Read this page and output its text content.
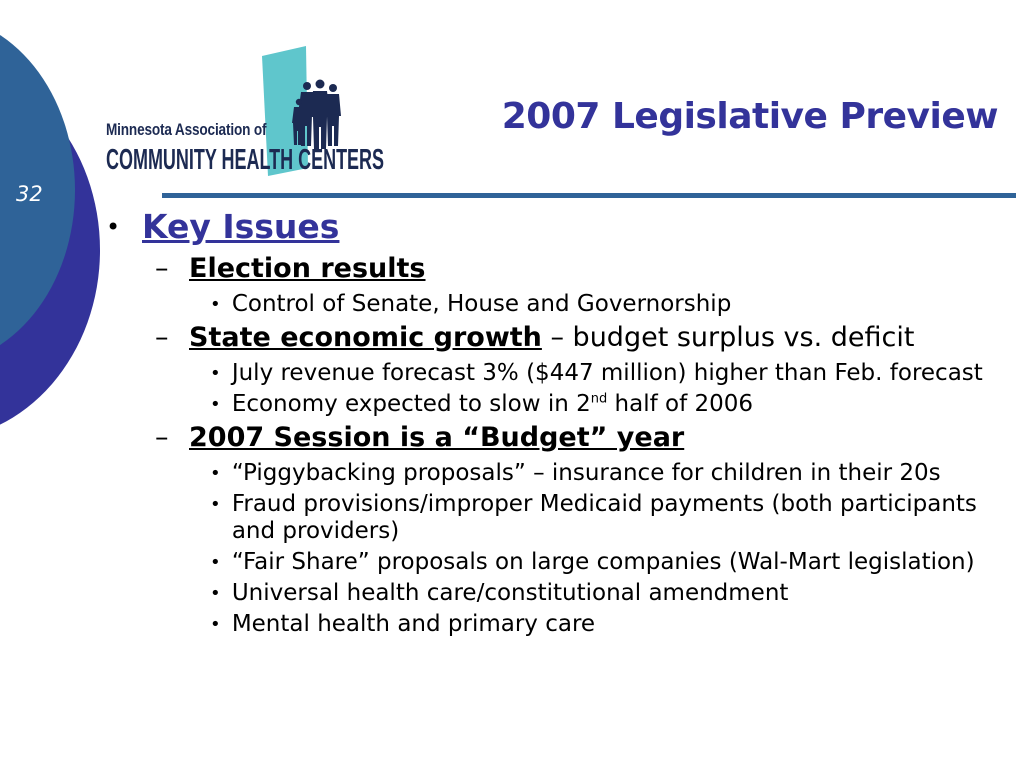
32
Minnesota Association of
COMMUNITY HEALTH CENTERS
2007 Legislative Preview
• Key Issues
– Election results
• Control of Senate, House and Governorship
– State economic growth – budget surplus vs. deficit
• July revenue forecast 3% ($447 million) higher than Feb. forecast
• Economy expected to slow in 2nd half of 2006
– 2007 Session is a “Budget” year
• “Piggybacking proposals” – insurance for children in their 20s
• Fraud provisions/improper Medicaid payments (both participants and providers)
• “Fair Share” proposals on large companies (Wal-Mart legislation)
• Universal health care/constitutional amendment
• Mental health and primary care
